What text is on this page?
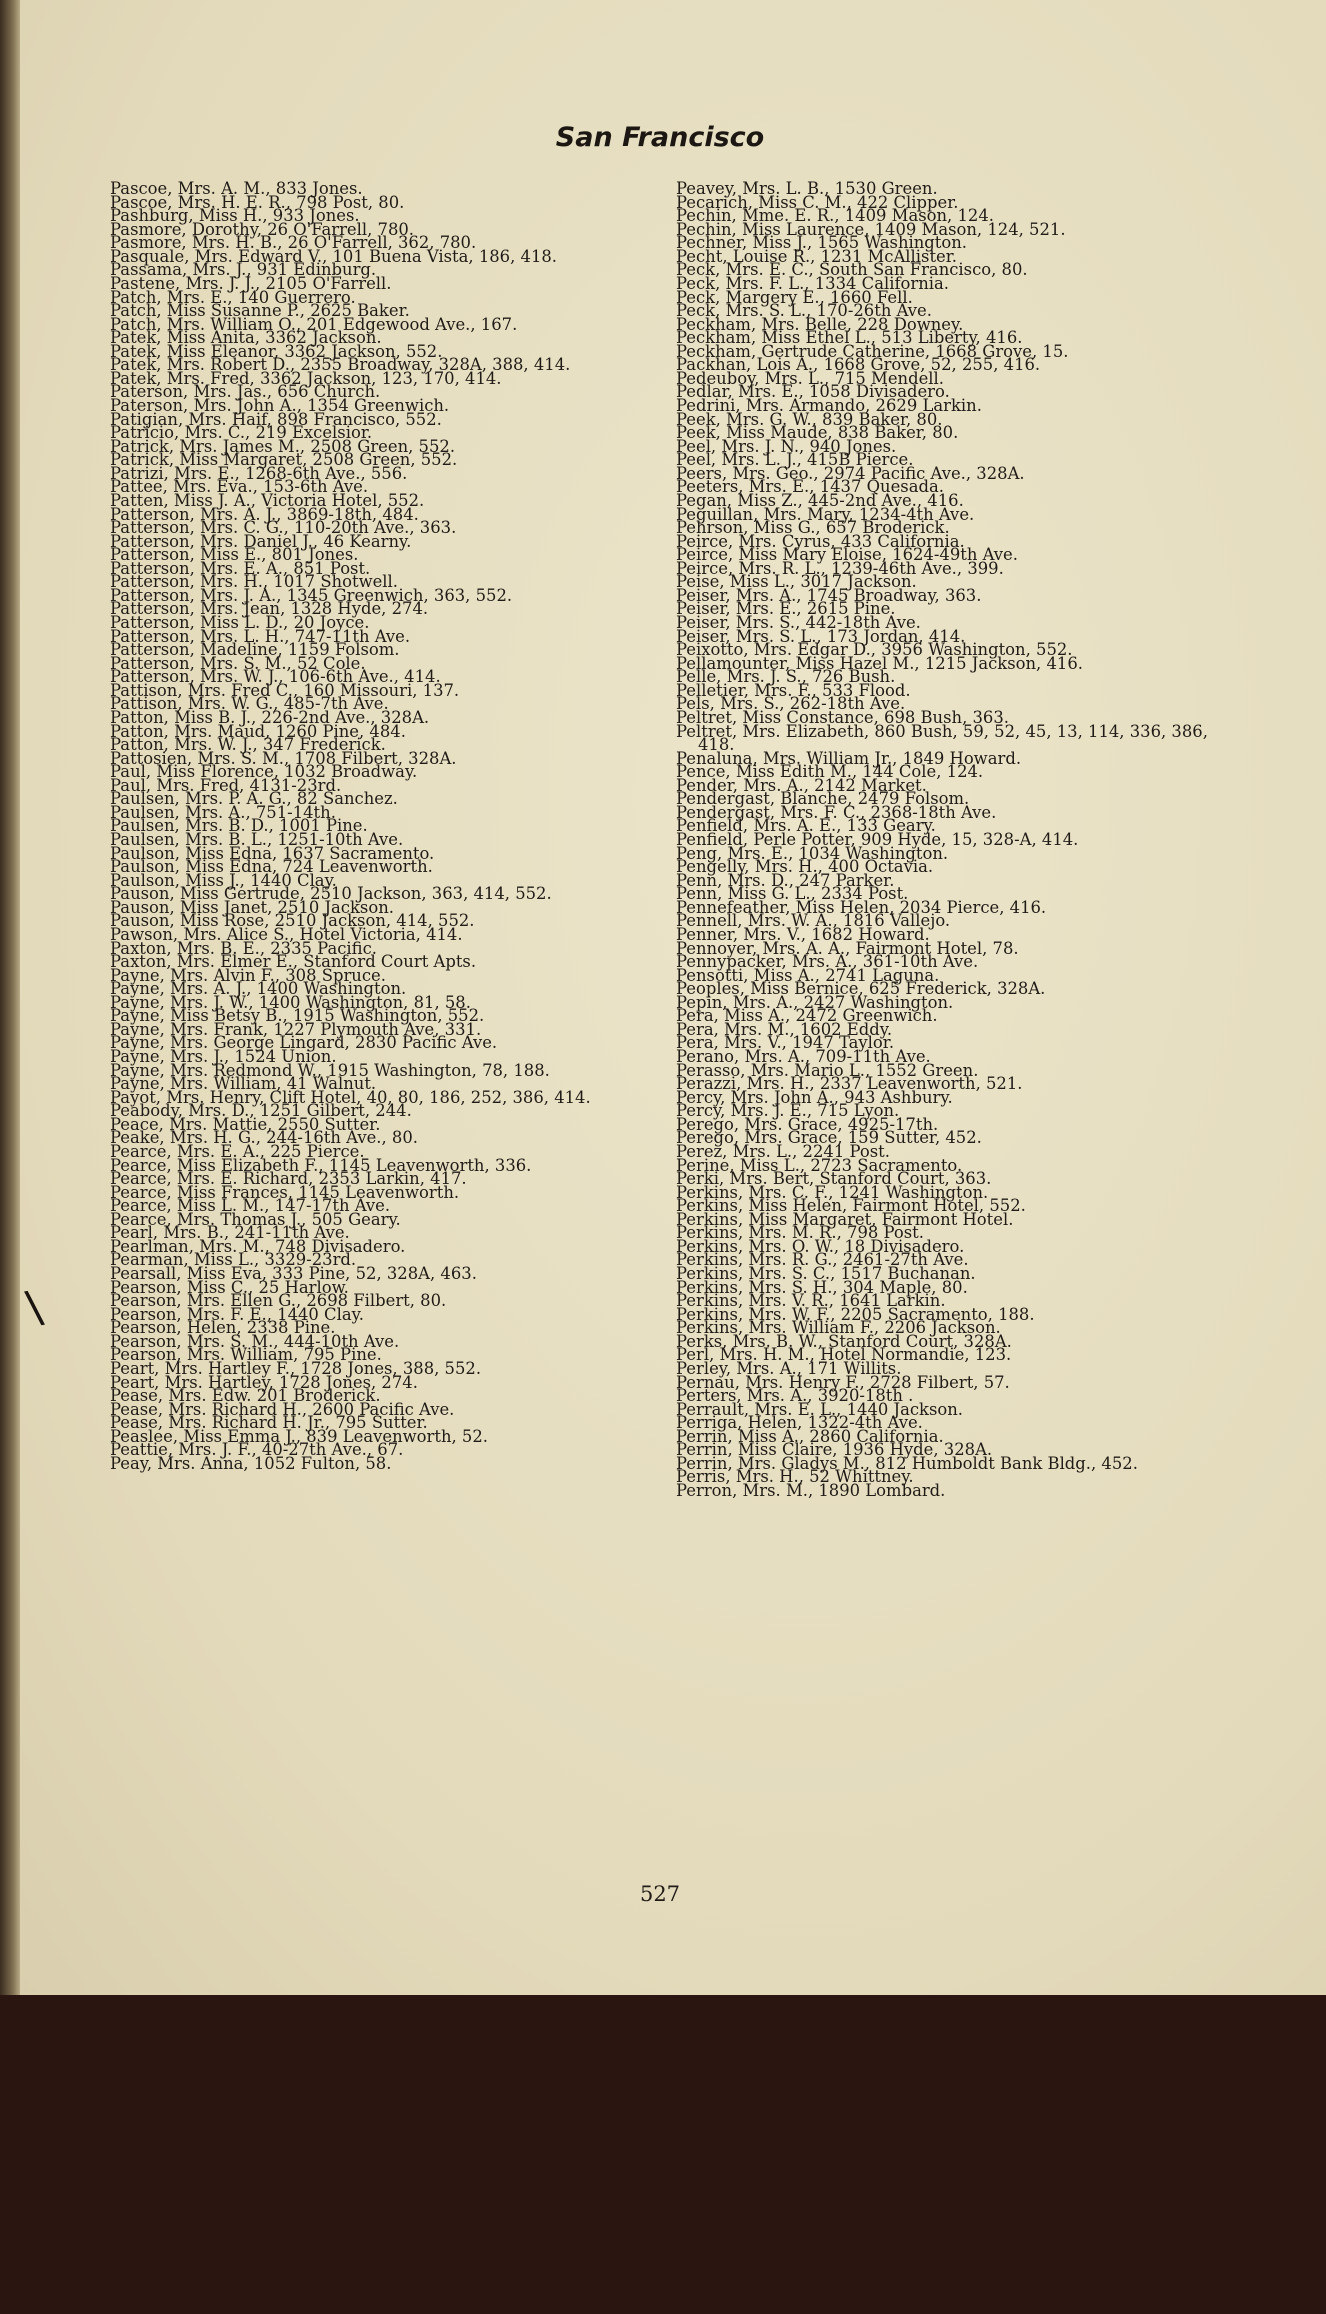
San Francisco
\
Pascoe, Mrs. A. M., 833 Jones.
Pascoe, Mrs. H. E. R., 798 Post, 80.
Pashburg, Miss H., 933 Jones.
Pasmore, Dorothy, 26 O'Farrell, 780.
Pasmore, Mrs. H. B., 26 O'Farrell, 362, 780.
Pasquale, Mrs. Edward V., 101 Buena Vista, 186, 418.
Passama, Mrs. J., 931 Edinburg.
Pastene, Mrs. J. J., 2105 O'Farrell.
Patch, Mrs. E., 140 Guerrero.
Patch, Miss Susanne P., 2625 Baker.
Patch, Mrs. William O., 201 Edgewood Ave., 167.
Patek, Miss Anita, 3362 Jackson.
Patek, Miss Eleanor, 3362 Jackson, 552.
Patek, Mrs. Robert D., 2355 Broadway, 328A, 388, 414.
Patek, Mrs. Fred, 3362 Jackson, 123, 170, 414.
Paterson, Mrs. Jas., 656 Church.
Paterson, Mrs. John A., 1354 Greenwich.
Patigian, Mrs. Haif, 898 Francisco, 552.
Patricio, Mrs. C., 219 Excelsior.
Patrick, Mrs. James M., 2508 Green, 552.
Patrick, Miss Margaret, 2508 Green, 552.
Patrizi, Mrs. E., 1268-6th Ave., 556.
Pattee, Mrs. Eva., 153-6th Ave.
Patten, Miss J. A., Victoria Hotel, 552.
Patterson, Mrs. A. J., 3869-18th, 484.
Patterson, Mrs. C. G., 110-20th Ave., 363.
Patterson, Mrs. Daniel J., 46 Kearny.
Patterson, Miss E., 801 Jones.
Patterson, Mrs. E. A., 851 Post.
Patterson, Mrs. H., 1017 Shotwell.
Patterson, Mrs. J. A., 1345 Greenwich, 363, 552.
Patterson, Mrs. Jean, 1328 Hyde, 274.
Patterson, Miss L. D., 20 Joyce.
Patterson, Mrs. L. H., 747-11th Ave.
Patterson, Madeline, 1159 Folsom.
Patterson, Mrs. S. M., 52 Cole.
Patterson, Mrs. W. J., 106-6th Ave., 414.
Pattison, Mrs. Fred C., 160 Missouri, 137.
Pattison, Mrs. W. G., 485-7th Ave.
Patton, Miss B. J., 226-2nd Ave., 328A.
Patton, Mrs. Maud, 1260 Pine, 484.
Patton, Mrs. W. J., 347 Frederick.
Pattosien, Mrs. S. M., 1708 Filbert, 328A.
Paul, Miss Florence, 1032 Broadway.
Paul, Mrs. Fred, 4131-23rd.
Paulsen, Mrs. P. A. G., 82 Sanchez.
Paulsen, Mrs. A., 751-14th.
Paulsen, Mrs. B. D., 1001 Pine.
Paulsen, Mrs. B. L., 1251-10th Ave.
Paulson, Miss Edna, 1637 Sacramento.
Paulson, Miss Edna, 724 Leavenworth.
Paulson, Miss J., 1440 Clay.
Pauson, Miss Gertrude, 2510 Jackson, 363, 414, 552.
Pauson, Miss Janet, 2510 Jackson.
Pauson, Miss Rose, 2510 Jackson, 414, 552.
Pawson, Mrs. Alice S., Hotel Victoria, 414.
Paxton, Mrs. B. E., 2335 Pacific.
Paxton, Mrs. Elmer E., Stanford Court Apts.
Payne, Mrs. Alvin F., 308 Spruce.
Payne, Mrs. A. J., 1400 Washington.
Payne, Mrs. J. W., 1400 Washington, 81, 58.
Payne, Miss Betsy B., 1915 Washington, 552.
Payne, Mrs. Frank, 1227 Plymouth Ave, 331.
Payne, Mrs. George Lingard, 2830 Pacific Ave.
Payne, Mrs. J., 1524 Union.
Payne, Mrs. Redmond W., 1915 Washington, 78, 188.
Payne, Mrs. William, 41 Walnut.
Payot, Mrs. Henry, Clift Hotel, 40, 80, 186, 252, 386, 414.
Peabody, Mrs. D., 1251 Gilbert, 244.
Peace, Mrs. Mattie, 2550 Sutter.
Peake, Mrs. H. G., 244-16th Ave., 80.
Pearce, Mrs. E. A., 225 Pierce.
Pearce, Miss Elizabeth F., 1145 Leavenworth, 336.
Pearce, Mrs. E. Richard, 2353 Larkin, 417.
Pearce, Miss Frances, 1145 Leavenworth.
Pearce, Miss L. M., 147-17th Ave.
Pearce, Mrs. Thomas J., 505 Geary.
Pearl, Mrs. B., 241-11th Ave.
Pearlman, Mrs. M., 748 Divisadero.
Pearman, Miss L., 3329-23rd.
Pearsall, Miss Eva, 333 Pine, 52, 328A, 463.
Pearson, Miss C., 25 Harlow.
Pearson, Mrs. Ellen G., 2698 Filbert, 80.
Pearson, Mrs. F. E., 1440 Clay.
Pearson, Helen, 2338 Pine.
Pearson, Mrs. S. M., 444-10th Ave.
Pearson, Mrs. William, 795 Pine.
Peart, Mrs. Hartley F., 1728 Jones, 388, 552.
Peart, Mrs. Hartley, 1728 Jones, 274.
Pease, Mrs. Edw. 201 Broderick.
Pease, Mrs. Richard H., 2600 Pacific Ave.
Pease, Mrs. Richard H. Jr., 795 Sutter.
Peaslee, Miss Emma J., 839 Leavenworth, 52.
Peattie, Mrs. J. F., 40-27th Ave., 67.
Peay, Mrs. Anna, 1052 Fulton, 58.
Peavey, Mrs. L. B., 1530 Green.
Pecarich, Miss C. M., 422 Clipper.
Pechin, Mme. E. R., 1409 Mason, 124.
Pechin, Miss Laurence, 1409 Mason, 124, 521.
Pechner, Miss J., 1565 Washington.
Pecht, Louise R., 1231 McAllister.
Peck, Mrs. E. C., South San Francisco, 80.
Peck, Mrs. F. L., 1334 California.
Peck, Margery E., 1660 Fell.
Peck, Mrs. S. L., 170-26th Ave.
Peckham, Mrs. Belle, 228 Downey.
Peckham, Miss Ethel L., 513 Liberty, 416.
Peckham, Gertrude Catherine, 1668 Grove, 15.
Packhan, Lois A., 1668 Grove, 52, 255, 416.
Pedeuboy, Mrs. L., 715 Mendell.
Pedlar, Mrs. E., 1058 Divisadero.
Pedrini, Mrs. Armando, 2629 Larkin.
Peek, Mrs. G. W., 839 Baker, 80.
Peek, Miss Maude, 838 Baker, 80.
Peel, Mrs. J. N., 940 Jones.
Peel, Mrs. L. J., 415B Pierce.
Peers, Mrs. Geo., 2974 Pacific Ave., 328A.
Peeters, Mrs. E., 1437 Quesada.
Pegan, Miss Z., 445-2nd Ave., 416.
Peguillan, Mrs. Mary, 1234-4th Ave.
Pehrson, Miss G., 657 Broderick.
Peirce, Mrs. Cyrus, 433 California.
Peirce, Miss Mary Eloise, 1624-49th Ave.
Peirce, Mrs. R. L., 1239-46th Ave., 399.
Peise, Miss L., 3017 Jackson.
Peiser, Mrs. A., 1745 Broadway, 363.
Peiser, Mrs. E., 2615 Pine.
Peiser, Mrs. S., 442-18th Ave.
Peiser, Mrs. S. L., 173 Jordan, 414.
Peixotto, Mrs. Edgar D., 3956 Washington, 552.
Pellamounter, Miss Hazel M., 1215 Jackson, 416.
Pelle, Mrs. J. S., 726 Bush.
Pelletier, Mrs. F., 533 Flood.
Pels, Mrs. S., 262-18th Ave.
Peltret, Miss Constance, 698 Bush, 363.
Peltret, Mrs. Elizabeth, 860 Bush, 59, 52, 45, 13, 114, 336, 386, 418.
Penaluna, Mrs. William Jr., 1849 Howard.
Pence, Miss Edith M., 144 Cole, 124.
Pender, Mrs. A., 2142 Market.
Pendergast, Blanche, 2479 Folsom.
Pendergast, Mrs. F. C., 2368-18th Ave.
Penfield, Mrs. A. E., 133 Geary.
Penfield, Perle Potter, 909 Hyde, 15, 328-A, 414.
Peng, Mrs. E., 1034 Washington.
Pengelly, Mrs. H., 400 Octavia.
Penn, Mrs. D., 247 Parker.
Penn, Miss G. L., 2334 Post.
Pennefeather, Miss Helen, 2034 Pierce, 416.
Pennell, Mrs. W. A., 1816 Vallejo.
Penner, Mrs. V., 1682 Howard.
Pennoyer, Mrs. A. A., Fairmont Hotel, 78.
Pennypacker, Mrs. A., 361-10th Ave.
Pensotti, Miss A., 2741 Laguna.
Peoples, Miss Bernice, 625 Frederick, 328A.
Pepin, Mrs. A., 2427 Washington.
Pera, Miss A., 2472 Greenwich.
Pera, Mrs. M., 1602 Eddy.
Pera, Mrs. V., 1947 Taylor.
Perano, Mrs. A., 709-11th Ave.
Perasso, Mrs. Mario L., 1552 Green.
Perazzi, Mrs. H., 2337 Leavenworth, 521.
Percy, Mrs. John A., 943 Ashbury.
Percy, Mrs. J. E., 715 Lyon.
Perego, Mrs. Grace, 4925-17th.
Perego, Mrs. Grace, 159 Sutter, 452.
Perez, Mrs. L., 2241 Post.
Perine, Miss L., 2723 Sacramento.
Perki, Mrs. Bert, Stanford Court, 363.
Perkins, Mrs. C. F., 1241 Washington.
Perkins, Miss Helen, Fairmont Hotel, 552.
Perkins, Miss Margaret, Fairmont Hotel.
Perkins, Mrs. M. R., 798 Post.
Perkins, Mrs. O. W., 18 Divisadero.
Perkins, Mrs. R. G., 2461-27th Ave.
Perkins, Mrs. S. C., 1517 Buchanan.
Perkins, Mrs. S. H., 304 Maple, 80.
Perkins, Mrs. V. R., 1641 Larkin.
Perkins, Mrs. W. F., 2205 Sacramento, 188.
Perkins, Mrs. William F., 2206 Jackson.
Perks, Mrs. B. W., Stanford Court, 328A.
Perl, Mrs. H. M., Hotel Normandie, 123.
Perley, Mrs. A., 171 Willits.
Pernau, Mrs. Henry F., 2728 Filbert, 57.
Perters, Mrs. A., 3920-18th .
Perrault, Mrs. E. L., 1440 Jackson.
Perriga, Helen, 1322-4th Ave.
Perrin, Miss A., 2860 California.
Perrin, Miss Claire, 1936 Hyde, 328A.
Perrin, Mrs. Gladys M., 812 Humboldt Bank Bldg., 452.
Perris, Mrs. H., 52 Whittney.
Perron, Mrs. M., 1890 Lombard.
527
